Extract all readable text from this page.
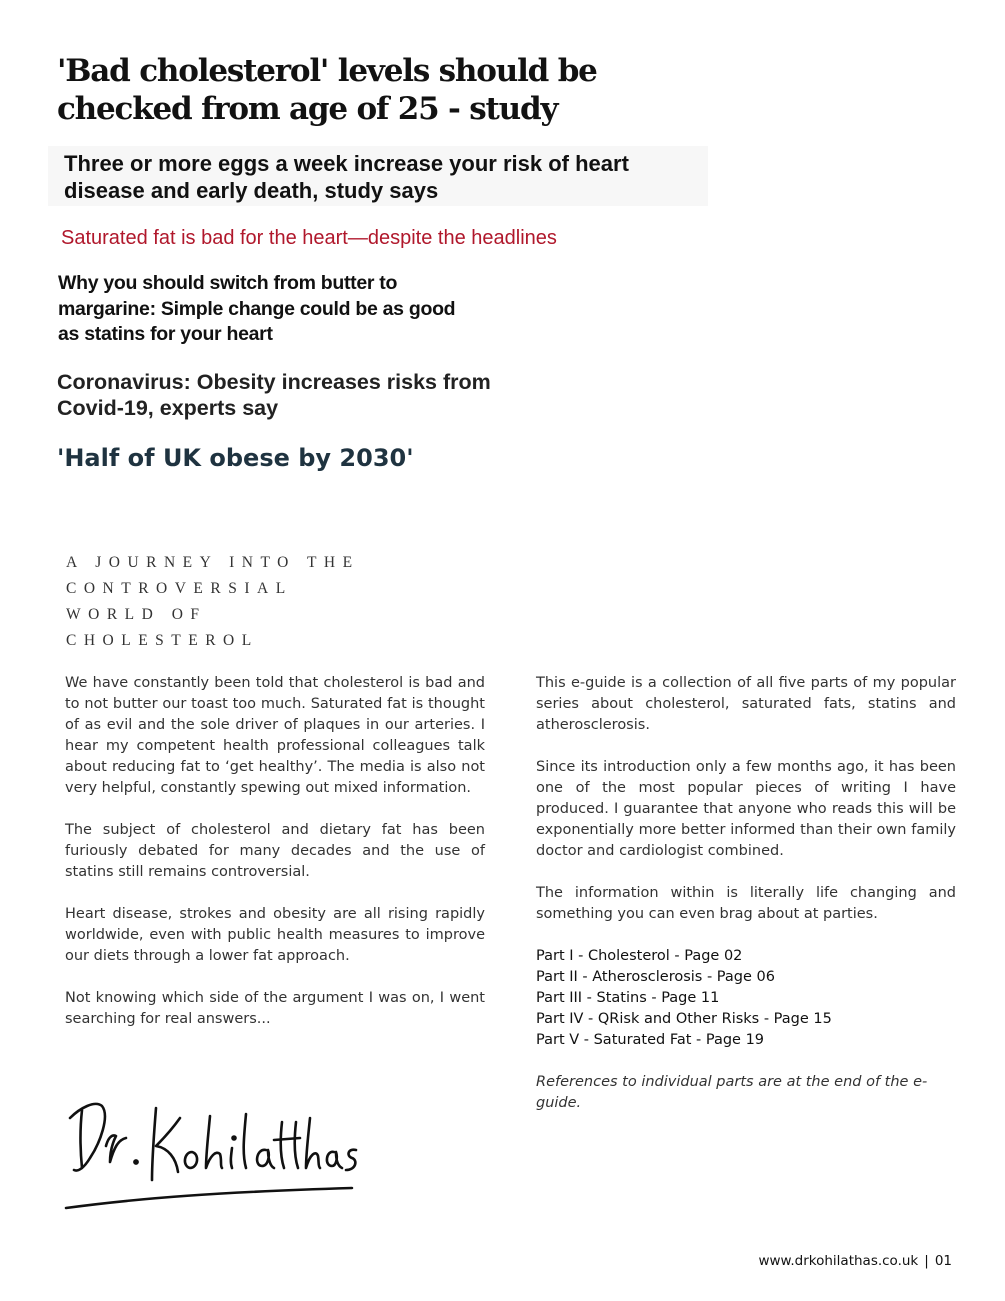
'Bad cholesterol' levels should be checked from age of 25 - study
Three or more eggs a week increase your risk of heart disease and early death, study says
Saturated fat is bad for the heart—despite the headlines
Why you should switch from butter to margarine: Simple change could be as good as statins for your heart
Coronavirus: Obesity increases risks from Covid-19, experts say
'Half of UK obese by 2030'
A JOURNEY INTO THE
CONTROVERSIAL
WORLD OF
CHOLESTEROL

We have constantly been told that cholesterol is bad and to not butter our toast too much. Saturated fat is thought of as evil and the sole driver of plaques in our arteries. I hear my competent health professional colleagues talk about reducing fat to ‘get healthy’. The media is also not very helpful, constantly spewing out mixed information.

The subject of cholesterol and dietary fat has been furiously debated for many decades and the use of statins still remains controversial.

Heart disease, strokes and obesity are all rising rapidly worldwide, even with public health measures to improve our diets through a lower fat approach.

Not knowing which side of the argument I was on, I went searching for real answers...

This e-guide is a collection of all five parts of my popular series about cholesterol, saturated fats, statins and atherosclerosis.

Since its introduction only a few months ago, it has been one of the most popular pieces of writing I have produced. I guarantee that anyone who reads this will be exponentially more better informed than their own family doctor and cardiologist combined.

The information within is literally life changing and something you can even brag about at parties.

Part I - Cholesterol - Page 02
Part II - Atherosclerosis - Page 06
Part III - Statins - Page 11
Part IV - QRisk and Other Risks - Page 15
Part V - Saturated Fat - Page 19

References to individual parts are at the end of the e-guide.

www.drkohilathas.co.uk | 01
